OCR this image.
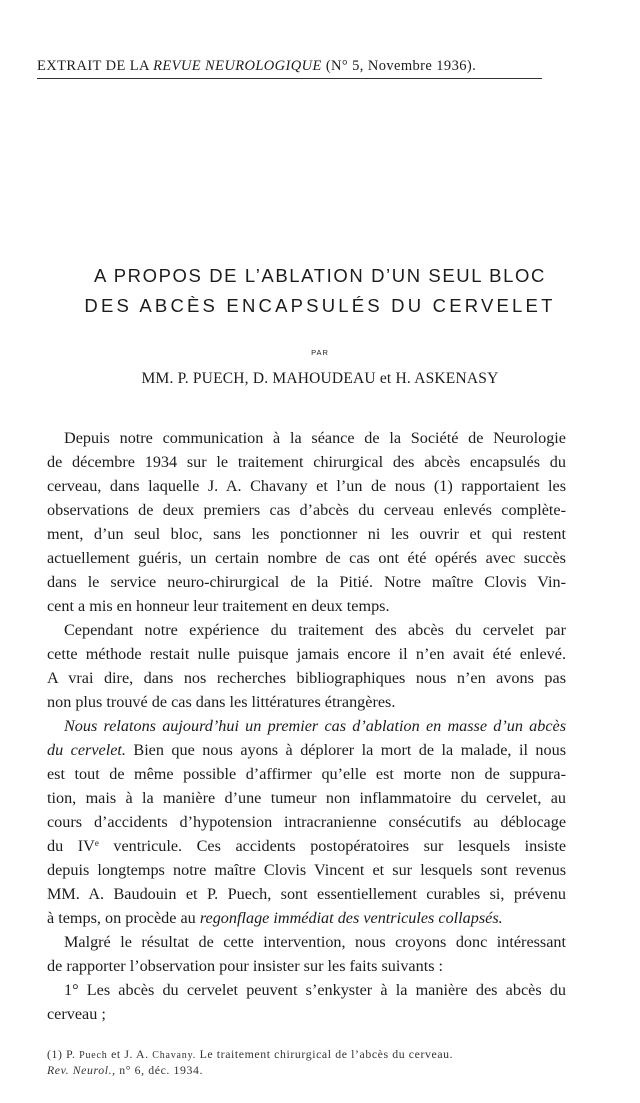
EXTRAIT DE LA REVUE NEUROLOGIQUE (N° 5, Novembre 1936).
A PROPOS DE L’ABLATION D’UN SEUL BLOC
DES ABCÈS ENCAPSULÉS DU CERVELET
PAR
MM. P. PUECH, D. MAHOUDEAU et H. ASKENASY
Depuis notre communication à la séance de la Société de Neurologie
de décembre 1934 sur le traitement chirurgical des abcès encapsulés du
cerveau, dans laquelle J. A. Chavany et l’un de nous (1) rapportaient les
observations de deux premiers cas d’abcès du cerveau enlevés complète-
ment, d’un seul bloc, sans les ponctionner ni les ouvrir et qui restent
actuellement guéris, un certain nombre de cas ont été opérés avec succès
dans le service neuro-chirurgical de la Pitié. Notre maître Clovis Vin-
cent a mis en honneur leur traitement en deux temps.
Cependant notre expérience du traitement des abcès du cervelet par
cette méthode restait nulle puisque jamais encore il n’en avait été enlevé.
A vrai dire, dans nos recherches bibliographiques nous n’en avons pas
non plus trouvé de cas dans les littératures étrangères.
Nous relatons aujourd’hui un premier cas d’ablation en masse d’un abcès
du cervelet. Bien que nous ayons à déplorer la mort de la malade, il nous
est tout de même possible d’affirmer qu’elle est morte non de suppura-
tion, mais à la manière d’une tumeur non inflammatoire du cervelet, au
cours d’accidents d’hypotension intracranienne consécutifs au déblocage
du IVe ventricule. Ces accidents postopératoires sur lesquels insiste
depuis longtemps notre maître Clovis Vincent et sur lesquels sont revenus
MM. A. Baudouin et P. Puech, sont essentiellement curables si, prévenu
à temps, on procède au regonflage immédiat des ventricules collapsés.
Malgré le résultat de cette intervention, nous croyons donc intéressant
de rapporter l’observation pour insister sur les faits suivants :
1° Les abcès du cervelet peuvent s’enkyster à la manière des abcès du
cerveau ;
(1) P. Puech et J. A. Chavany. Le traitement chirurgical de l’abcès du cerveau.
Rev. Neurol., n° 6, déc. 1934.
